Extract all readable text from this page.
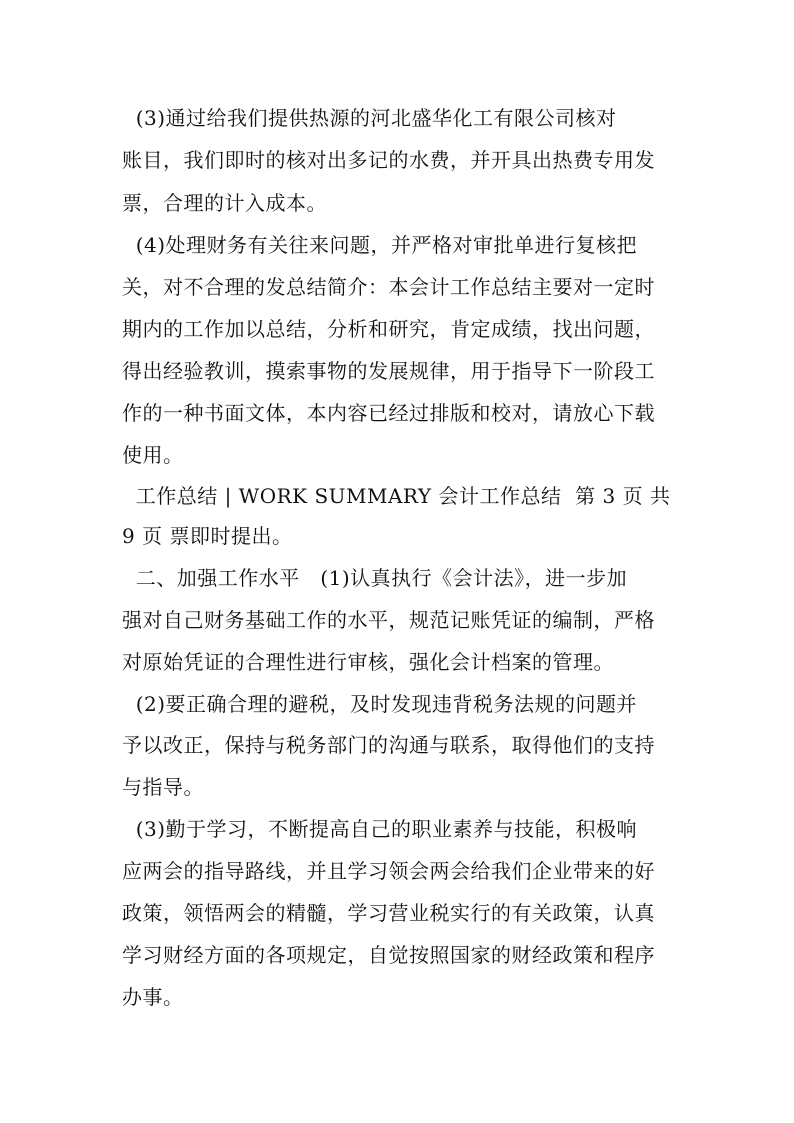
(3)通过给我们提供热源的河北盛华化工有限公司核对
账目，我们即时的核对出多记的水费，并开具出热费专用发
票，合理的计入成本。
(4)处理财务有关往来问题，并严格对审批单进行复核把
关，对不合理的发总结简介：本会计工作总结主要对一定时
期内的工作加以总结，分析和研究，肯定成绩，找出问题，
得出经验教训，摸索事物的发展规律，用于指导下一阶段工
作的一种书面文体，本内容已经过排版和校对，请放心下载
使用。
工作总结 | WORK SUMMARY 会计工作总结  第 3 页 共
9 页 票即时提出。
二、加强工作水平   (1)认真执行《会计法》，进一步加
强对自己财务基础工作的水平，规范记账凭证的编制，严格
对原始凭证的合理性进行审核，强化会计档案的管理。
(2)要正确合理的避税，及时发现违背税务法规的问题并
予以改正，保持与税务部门的沟通与联系，取得他们的支持
与指导。
(3)勤于学习，不断提高自己的职业素养与技能，积极响
应两会的指导路线，并且学习领会两会给我们企业带来的好
政策，领悟两会的精髓，学习营业税实行的有关政策，认真
学习财经方面的各项规定，自觉按照国家的财经政策和程序
办事。
